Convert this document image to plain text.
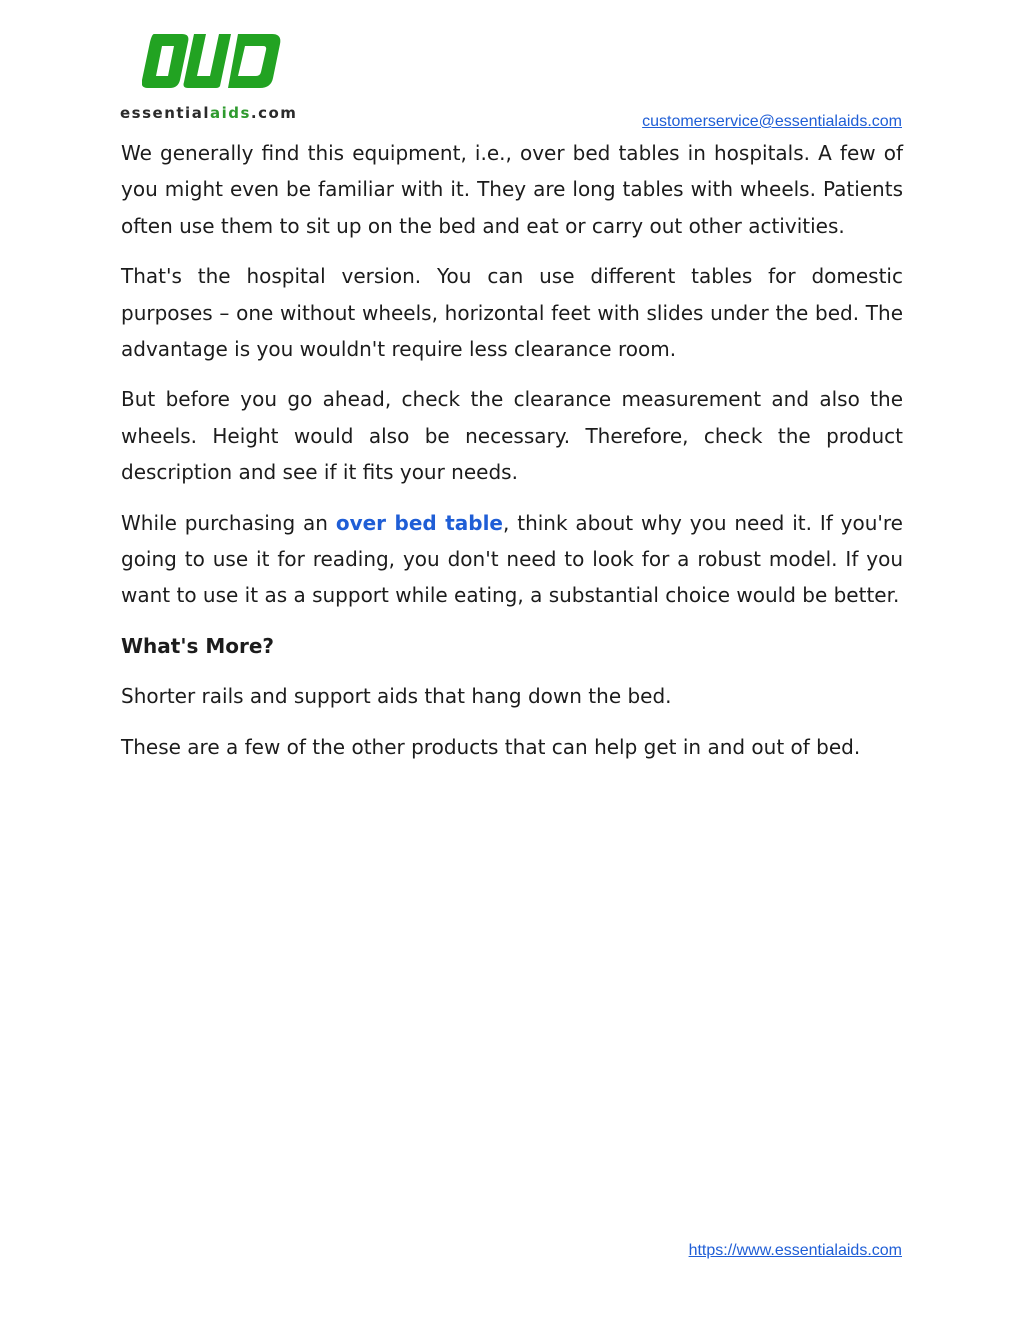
essentialaids.com	customerservice@essentialaids.com

We generally find this equipment, i.e., over bed tables in hospitals. A few of you might even be familiar with it. They are long tables with wheels. Patients often use them to sit up on the bed and eat or carry out other activities.

That's the hospital version. You can use different tables for domestic purposes – one without wheels, horizontal feet with slides under the bed. The advantage is you wouldn't require less clearance room.

But before you go ahead, check the clearance measurement and also the wheels. Height would also be necessary. Therefore, check the product description and see if it fits your needs.

While purchasing an over bed table, think about why you need it. If you're going to use it for reading, you don't need to look for a robust model. If you want to use it as a support while eating, a substantial choice would be better.

What's More?

Shorter rails and support aids that hang down the bed.

These are a few of the other products that can help get in and out of bed.

https://www.essentialaids.com
